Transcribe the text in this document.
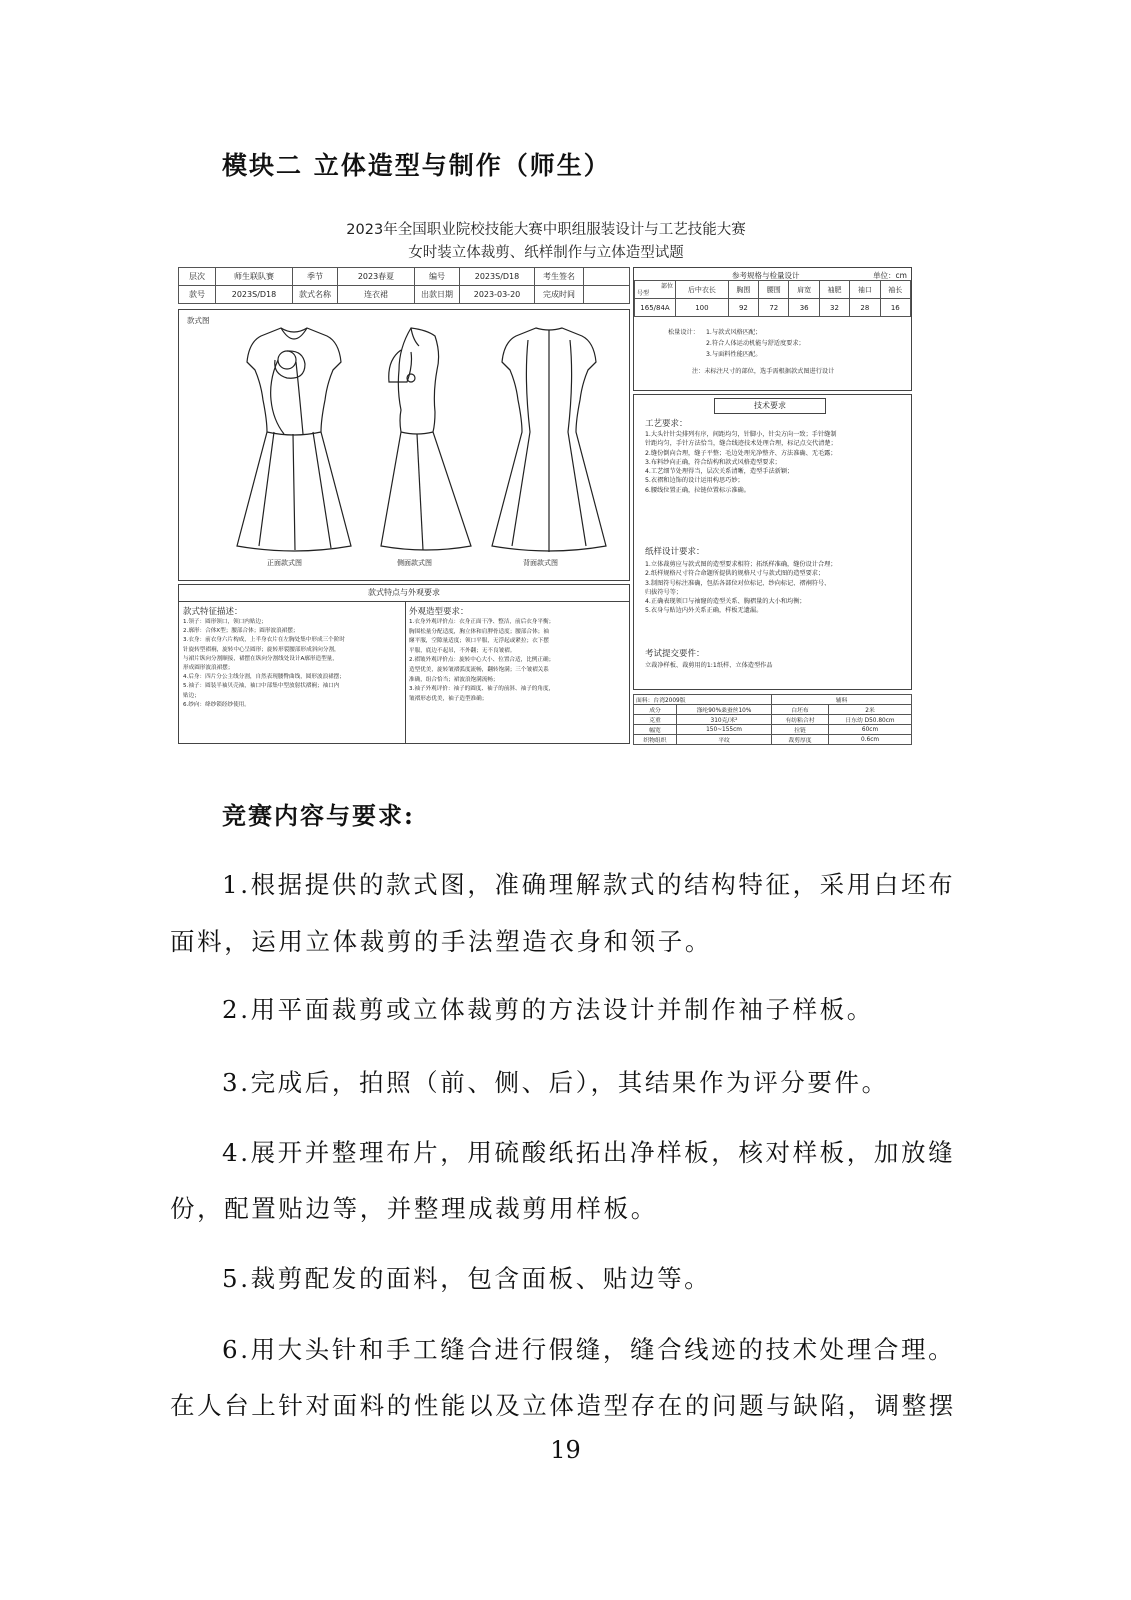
模块二 立体造型与制作（师生）
2023年全国职业院校技能大赛中职组服装设计与工艺技能大赛
女时装立体裁剪、纸样制作与立体造型试题
层次	师生联队赛	季节	2023春夏	编号	2023S/D18	考生签名	
款号	2023S/D18	款式名称	连衣裙	出款日期	2023-03-20	完成时间	
参考规格与检量设计	单位：cm
部位
号型	后中衣长	胸围	腰围	肩宽	袖肥	袖口	袖长
165/84A	100	92	72	36	32	28	16
松量设计： 1.与款式风格匹配；
2.符合人体运动机能与舒适度要求；
3.与面料性能匹配。
注：未标注尺寸的部位，选手需根据款式图进行设计
款式图
正面款式图	侧面款式图	背面款式图
技术要求
工艺要求：
1.大头针针尖排列有序，间距均匀，针脚小，针尖方向一致；手针缝制
针距均匀，手针方法恰当，缝合线迹技术处理合理，标记点交代清楚；
2.缝份倒向合理，缝子平整；毛边处理光净整齐、方法准确、无毛露；
3.布料纱向正确，符合结构和款式风格造型要求；
4.工艺细节处理得当，层次关系清晰，造型手法新颖；
5.衣褶和边饰的设计运用构思巧妙；
6.腰线位置正确，拉链位置标示准确。
纸样设计要求：
1.立体裁剪应与款式图的造型要求相符；拓纸样准确，缝份设计合理；
2.纸样规格尺寸符合命题所提供的规格尺寸与款式图的造型要求；
3.制图符号标注准确，包括各部位对位标记、纱向标记、褶裥符号、
归拔符号等；
4.正确表现领口与袖窿的造型关系、胸褶量的大小和均衡；
5.衣身与贴边内外关系正确，样板无遗漏。
考试提交要件：
立裁净样板、裁剪用的1:1纸样、立体造型作品
款式特点与外观要求
款式特征描述：
1.领子：圆形领口，领口内贴边；
2.廓形：合体X型；腰部合体；圆形波浪裙摆；
3.衣身：前衣身六片构成，上半身衣片在左胸处集中形成三个阶时
针旋转型褶裥，旋转中心呈圆形；旋转形裂腰部形成斜向分割，
与裙片纵向分割顺接，裙摆在纵向分割线处设计A廓形造型量，
形成圆形波浪裙摆；
4.后身：四片分公主线分割，自然表现腰臀曲线，圆形波浪裙摆；
5.袖子：圆装半袖贝壳袖，袖口中部集中型放射状褶裥；袖口内
贴边；
6.纱向：绛纱锁经纱使用。
外观造型要求：
1.衣身外观评价点：衣身正面干净、整洁，前后衣身平衡；
胸围松量分配适度，胸立体和肩胛骨适度；腰部合体；袖
窿平服，空隙量适度；领口平服，无浮起或紧拉；衣下摆
平服，底边不起吊，不外翻；无不良皱褶。
2.褶皱外观评价点：旋转中心大小、位置合适，比例正确；
造型优美，旋转皱褶弧度流畅，翻转饱满；三个皱褶关系
准确，组合恰当；裙波浪饱满流畅；
3.袖子外观评价：袖子的圆度、袖子的前斜、袖子的角度，
皱褶形态优美，袖子造型准确；	面料：台湾2009版		辅料	
成分	涤纶90%桑蚕丝10%	白坯布	2米
克重	310克/米²	有纺粘合衬	日东幼 D50.80cm
幅宽	150~155cm	拉链	60cm
织物组织	平纹	裁剪厚度	0.6cm
竞赛内容与要求:

1.根据提供的款式图，准确理解款式的结构特征，采用白坯布

面料，运用立体裁剪的手法塑造衣身和领子。

2.用平面裁剪或立体裁剪的方法设计并制作袖子样板。

3.完成后，拍照（前、侧、后），其结果作为评分要件。

4.展开并整理布片，用硫酸纸拓出净样板，核对样板，加放缝

份，配置贴边等，并整理成裁剪用样板。

5.裁剪配发的面料，包含面板、贴边等。

6.用大头针和手工缝合进行假缝，缝合线迹的技术处理合理。

在人台上针对面料的性能以及立体造型存在的问题与缺陷，调整摆

19
